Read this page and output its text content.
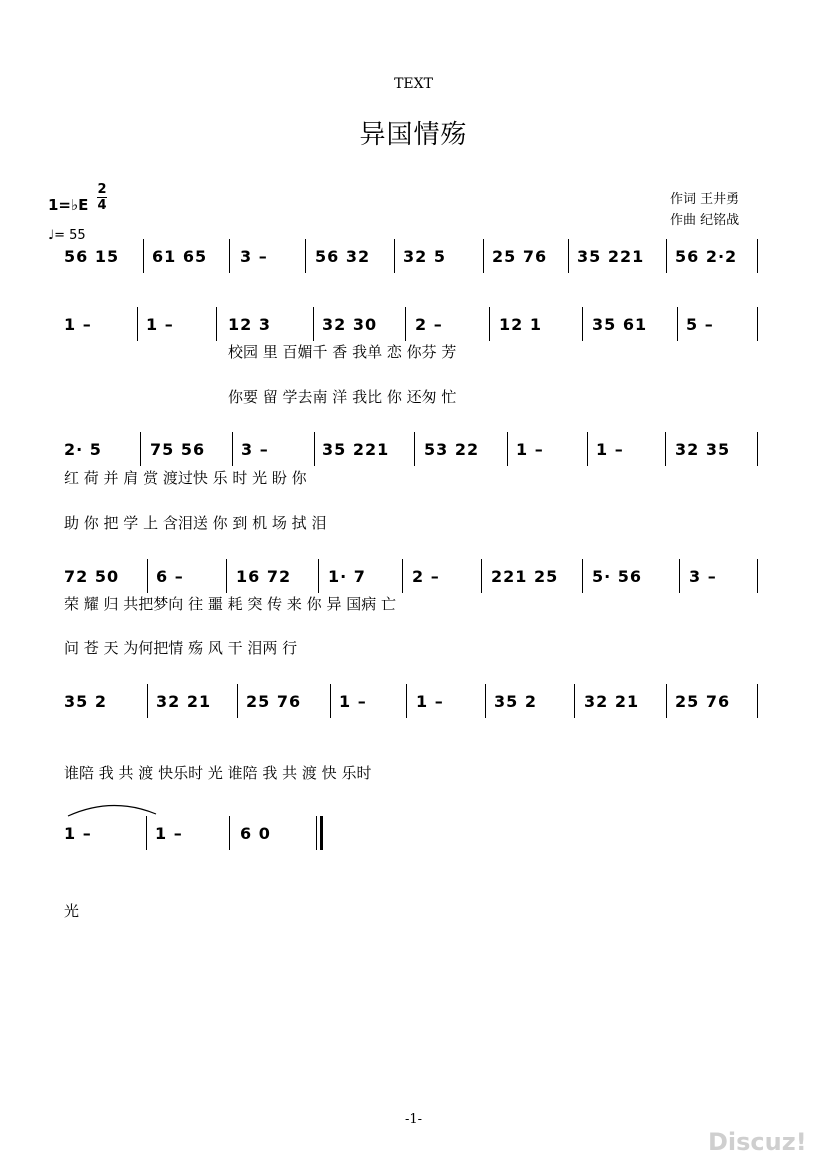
TEXT
异国情殇
1=♭E
2
4
♩= 55
作词 王井勇
作曲 纪铭战
56 15 61 65 3 –	56 32 32 5	25 76 35 221 56 2·2
1 –	1 –	12 3	32 30 2 –	12 1	35 61 5 –
校园 里 百媚千 香 我单 恋 你芬 芳
你要 留 学去南 洋 我比 你 还匆 忙
2· 5	75 56 3 –	35 221 53 22 1 –	1 –	32 35
红 荷 并 肩 赏 渡过快 乐 时 光 盼 你
助 你 把 学 上 含泪送 你 到 机 场 拭 泪
72 50 6 –	16 72 1· 7	2 –	221 25 5· 56	3 –
荣 耀 归 共把梦向 往 噩 耗 突 传 来 你 异 国病 亡
问 苍 天 为何把情 殇 风 干 泪两 行
35 2	32 21 25 76 1 –	1 –	35 2	32 21 25 76
谁陪 我 共 渡 快乐时 光 谁陪 我 共 渡 快 乐时
1 –	1 –	6 0
光
-1-
Discuz!
